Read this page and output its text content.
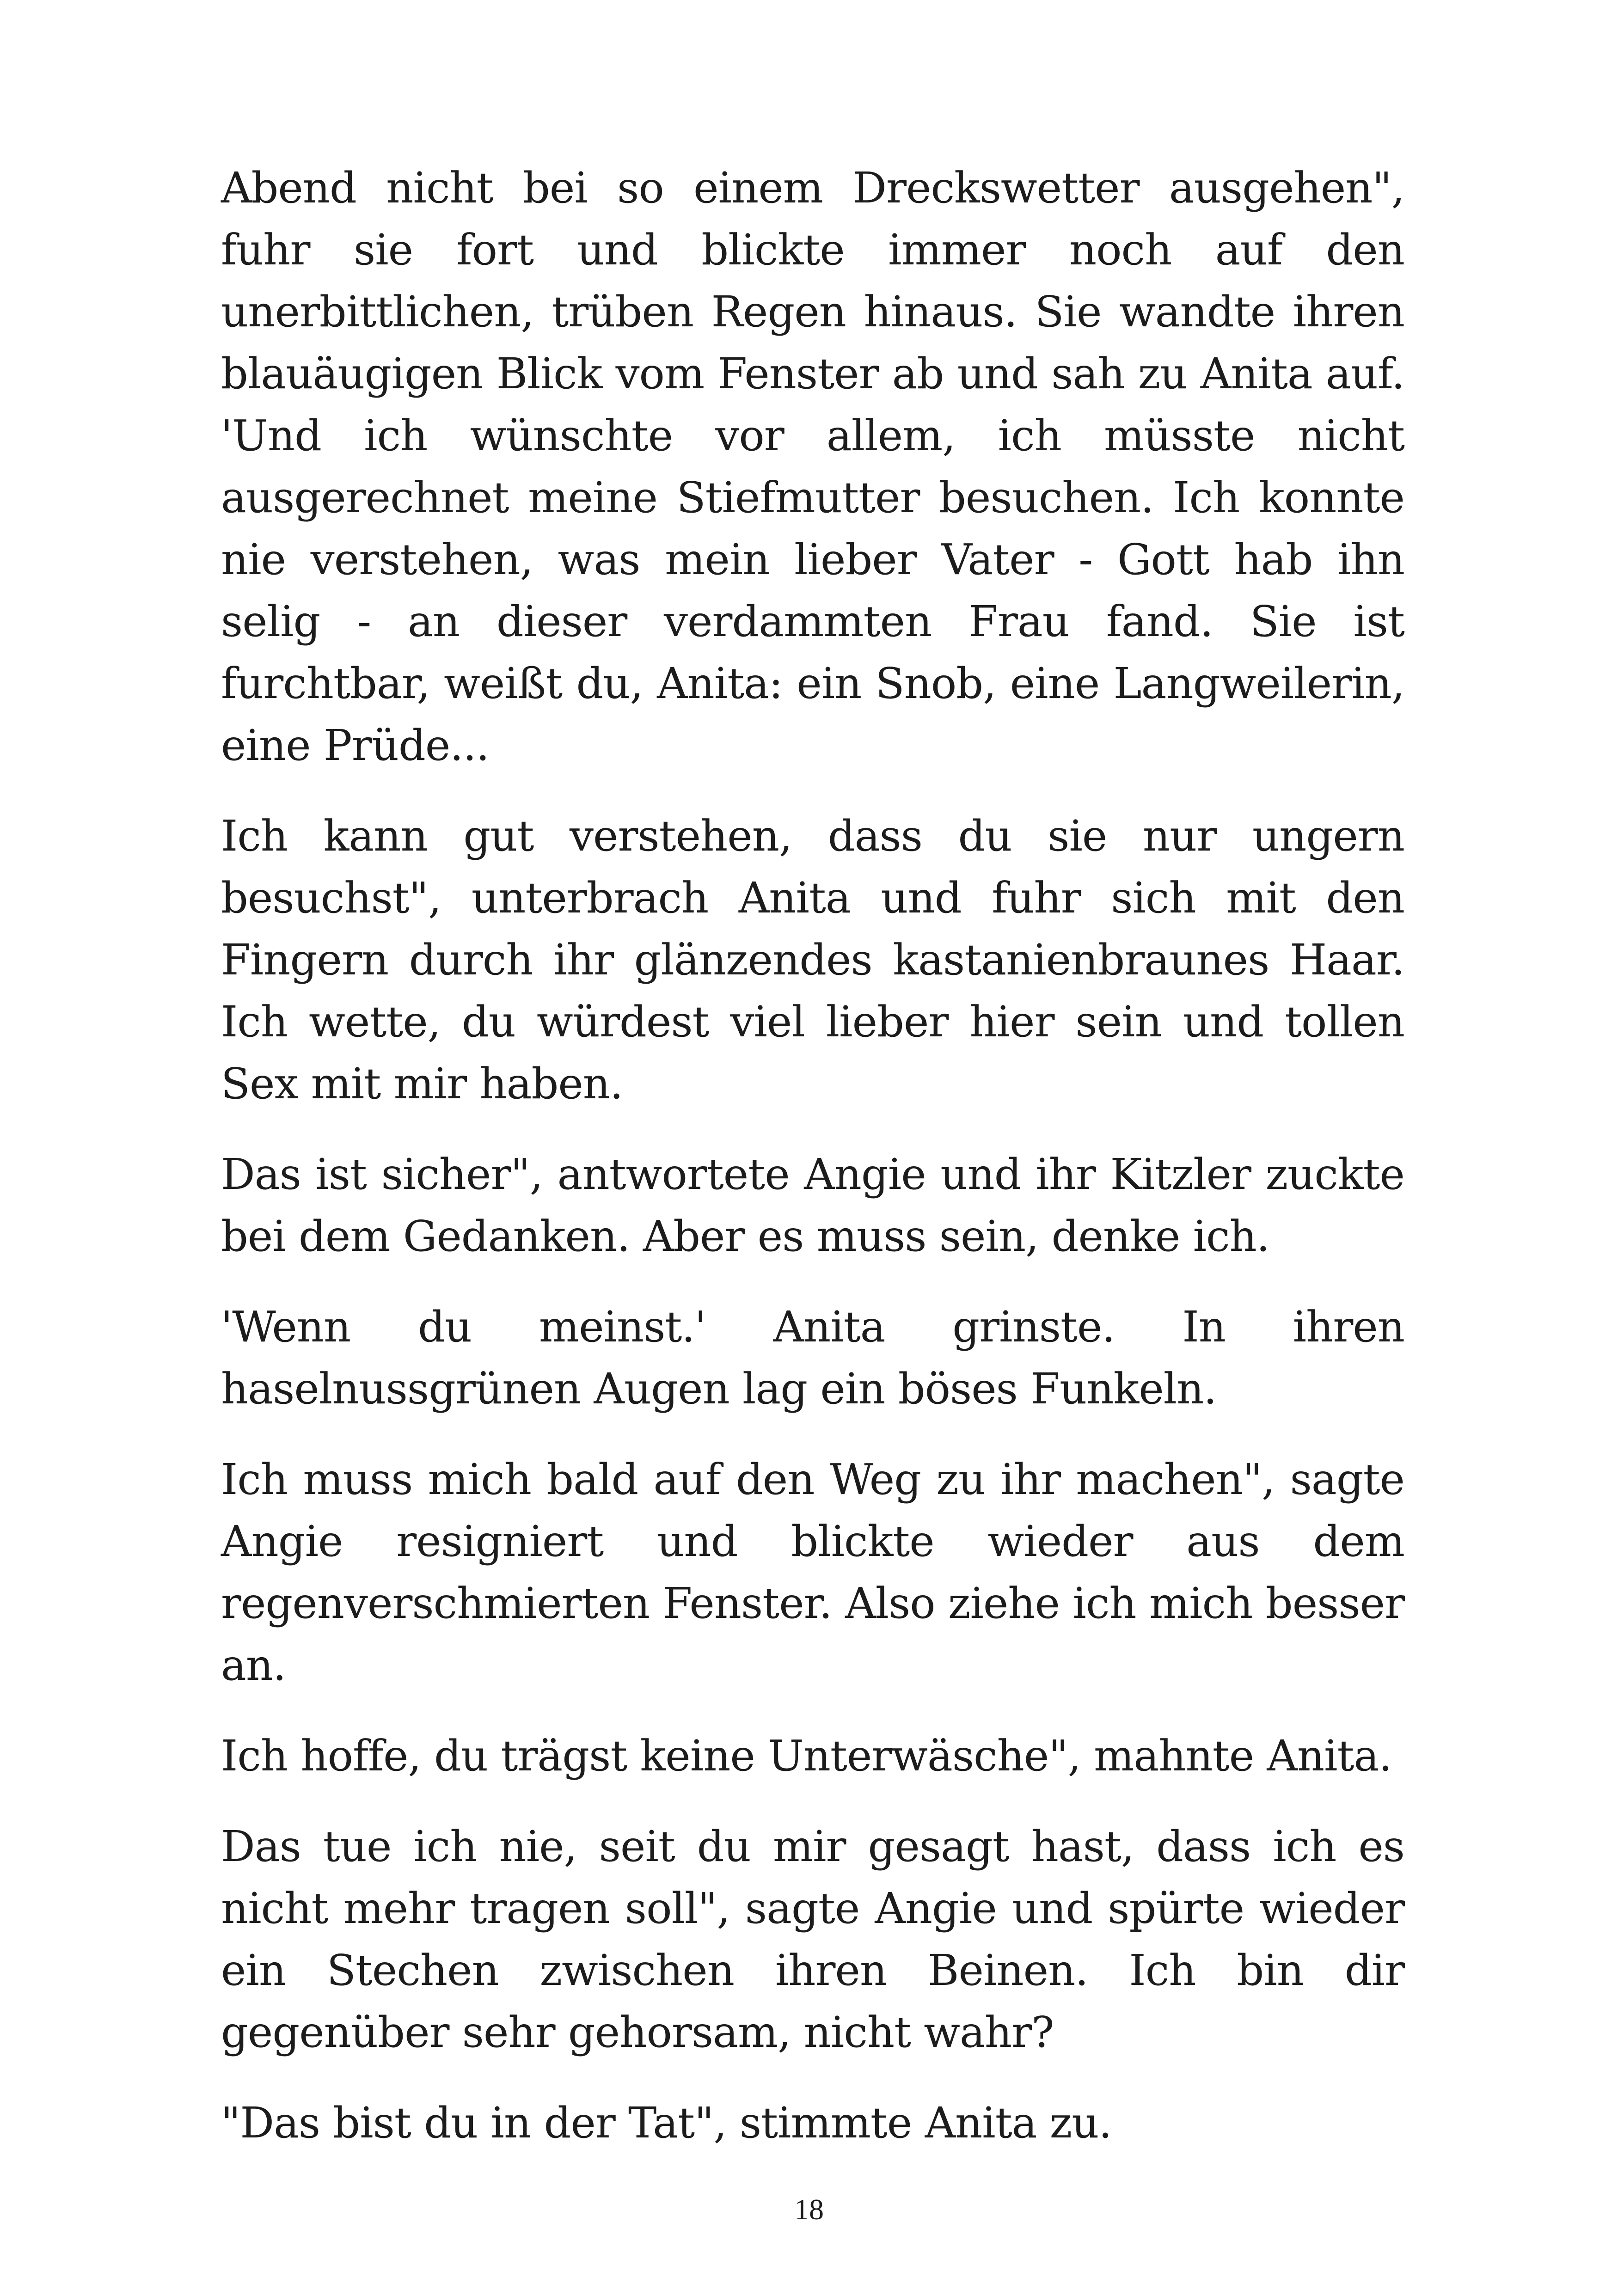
Abend nicht bei so einem Dreckswetter ausgehen", fuhr sie fort und blickte immer noch auf den unerbittlichen, trüben Regen hinaus. Sie wandte ihren blauäugigen Blick vom Fenster ab und sah zu Anita auf. 'Und ich wünschte vor allem, ich müsste nicht ausgerechnet meine Stiefmutter besuchen. Ich konnte nie verstehen, was mein lieber Vater - Gott hab ihn selig - an dieser verdammten Frau fand. Sie ist furchtbar, weißt du, Anita: ein Snob, eine Langweilerin, eine Prüde...

Ich kann gut verstehen, dass du sie nur ungern besuchst", unterbrach Anita und fuhr sich mit den Fingern durch ihr glänzendes kastanienbraunes Haar. Ich wette, du würdest viel lieber hier sein und tollen Sex mit mir haben.

Das ist sicher", antwortete Angie und ihr Kitzler zuckte bei dem Gedanken. Aber es muss sein, denke ich.

'Wenn du meinst.' Anita grinste. In ihren haselnussgrünen Augen lag ein böses Funkeln.

Ich muss mich bald auf den Weg zu ihr machen", sagte Angie resigniert und blickte wieder aus dem regenverschmierten Fenster. Also ziehe ich mich besser an.

Ich hoffe, du trägst keine Unterwäsche", mahnte Anita.

Das tue ich nie, seit du mir gesagt hast, dass ich es nicht mehr tragen soll", sagte Angie und spürte wieder ein Stechen zwischen ihren Beinen. Ich bin dir gegenüber sehr gehorsam, nicht wahr?

"Das bist du in der Tat", stimmte Anita zu.

18
